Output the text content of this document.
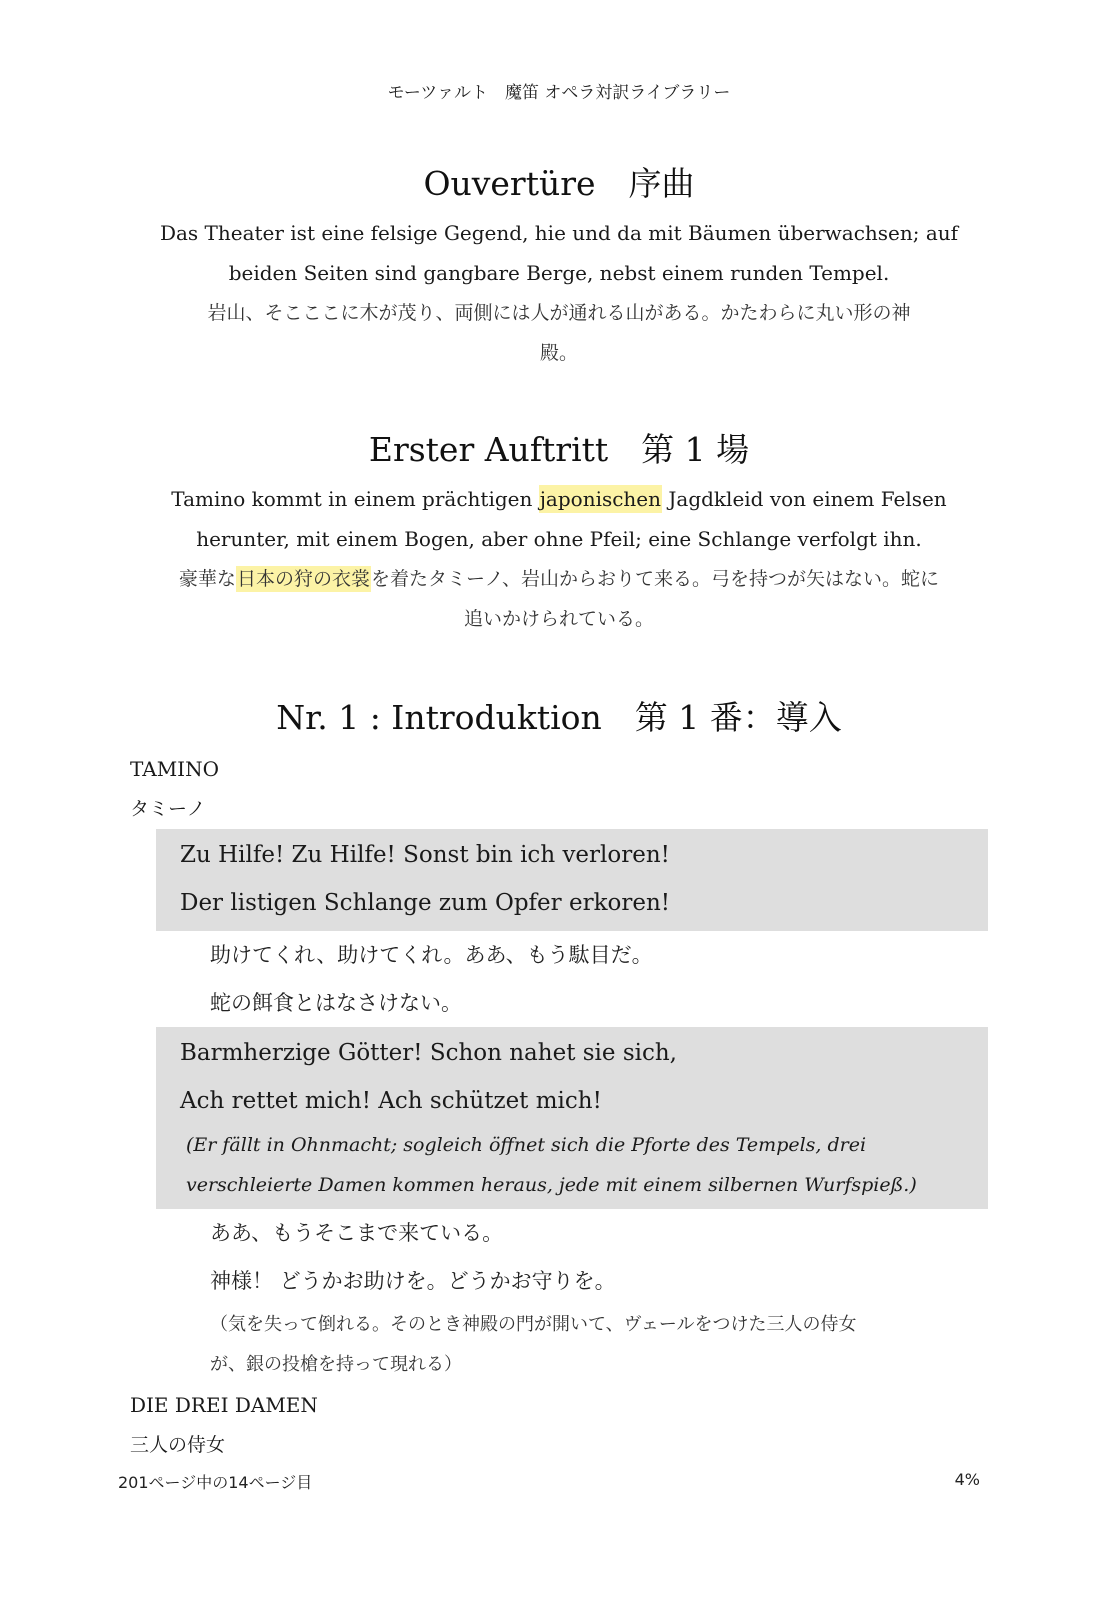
モーツァルト　魔笛 オペラ対訳ライブラリー
Ouvertüre　序曲

Das Theater ist eine felsige Gegend, hie und da mit Bäumen überwachsen; auf

beiden Seiten sind gangbare Berge, nebst einem runden Tempel.

岩山、そこここに木が茂り、両側には人が通れる山がある。かたわらに丸い形の神

殿。

Erster Auftritt　第 1 場

Tamino kommt in einem prächtigen japonischen Jagdkleid von einem Felsen

herunter, mit einem Bogen, aber ohne Pfeil; eine Schlange verfolgt ihn.

豪華な日本の狩の衣裳を着たタミーノ、岩山からおりて来る。弓を持つが矢はない。蛇に

追いかけられている。

Nr. 1 : Introduktion　第 1 番：導入

TAMINO

タミーノ

Zu Hilfe! Zu Hilfe! Sonst bin ich verloren!

Der listigen Schlange zum Opfer erkoren!

助けてくれ、助けてくれ。ああ、もう駄目だ。

蛇の餌食とはなさけない。

Barmherzige Götter! Schon nahet sie sich,

Ach rettet mich! Ach schützet mich!

(Er fällt in Ohnmacht; sogleich öffnet sich die Pforte des Tempels, drei

verschleierte Damen kommen heraus, jede mit einem silbernen Wurfspieß.)

ああ、もうそこまで来ている。

神様！ どうかお助けを。どうかお守りを。

（気を失って倒れる。そのとき神殿の門が開いて、ヴェールをつけた三人の侍女

が、銀の投槍を持って現れる）

DIE DREI DAMEN

三人の侍女

201ページ中の14ページ目	4%
